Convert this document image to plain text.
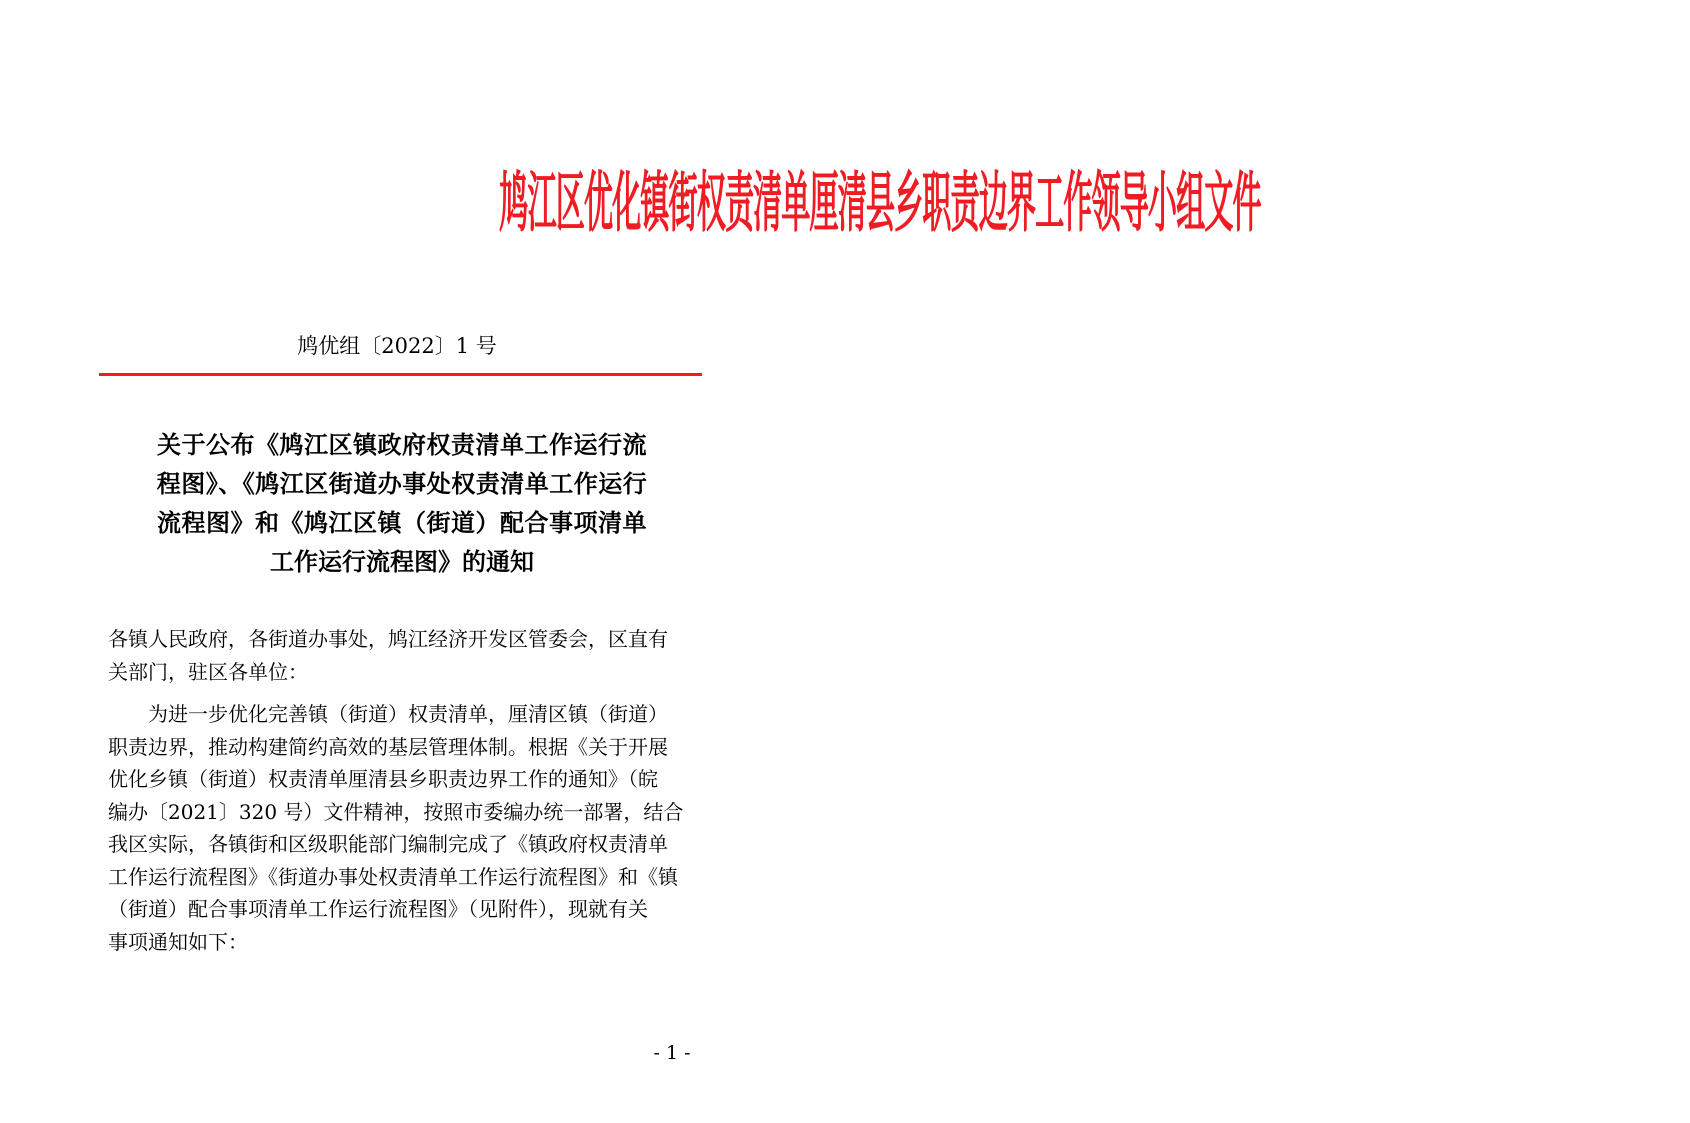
鸠江区优化镇街权责清单厘清县乡职责边界工作领导小组文件
鸠优组〔2022〕1 号
关于公布《鸠江区镇政府权责清单工作运行流
程图》、《鸠江区街道办事处权责清单工作运行
流程图》和《鸠江区镇（街道）配合事项清单
工作运行流程图》的通知
各镇人民政府，各街道办事处，鸠江经济开发区管委会，区直有
关部门，驻区各单位：
　　为进一步优化完善镇（街道）权责清单，厘清区镇（街道）
职责边界，推动构建简约高效的基层管理体制。根据《关于开展
优化乡镇（街道）权责清单厘清县乡职责边界工作的通知》（皖
编办〔2021〕320 号）文件精神，按照市委编办统一部署，结合
我区实际，各镇街和区级职能部门编制完成了《镇政府权责清单
工作运行流程图》《街道办事处权责清单工作运行流程图》和《镇
（街道）配合事项清单工作运行流程图》（见附件），现就有关
事项通知如下：
- 1 -
